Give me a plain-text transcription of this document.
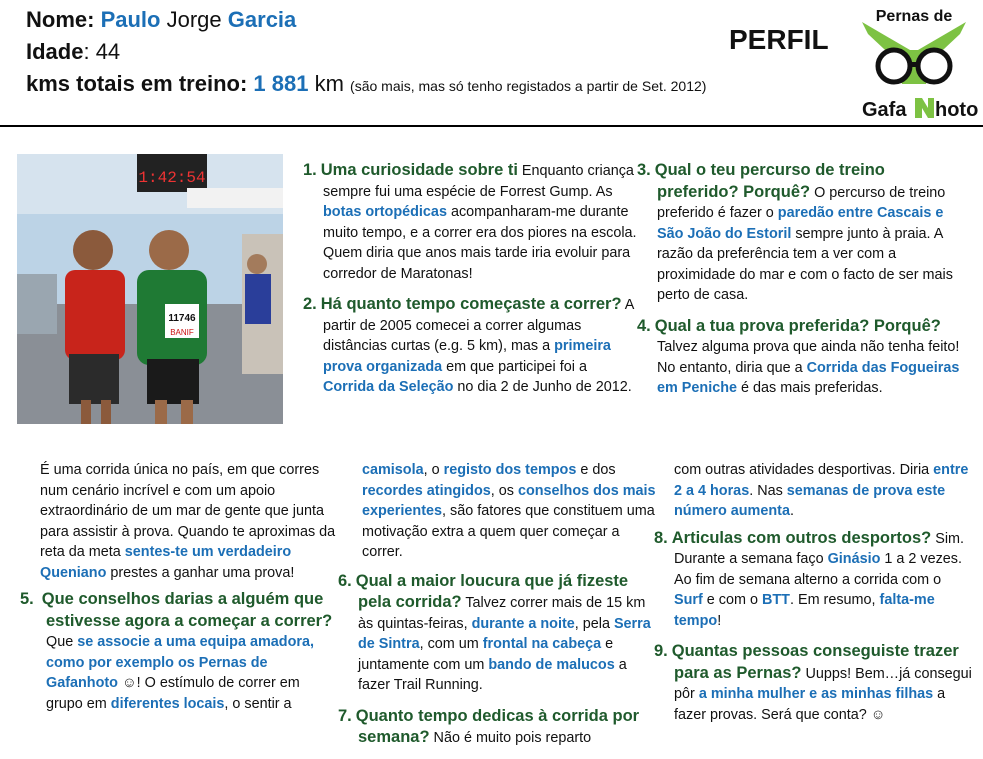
Nome: Paulo Jorge Garcia
Idade: 44
kms totais em treino: 1 881 km (são mais, mas só tenho registados a partir de Set. 2012)
PERFIL
Pernas de
Gafa hoto
1:42:54
11746
BANIF

1. Uma curiosidade sobre ti Enquanto criança sempre fui uma espécie de Forrest Gump. As botas ortopédicas acompanharam-me durante muito tempo, e a correr era dos piores na escola. Quem diria que anos mais tarde iria evoluir para corredor de Maratonas!

2. Há quanto tempo começaste a correr? A partir de 2005 comecei a correr algumas distâncias curtas (e.g. 5 km), mas a primeira prova organizada em que participei foi a Corrida da Seleção no dia 2 de Junho de 2012.

3. Qual o teu percurso de treino preferido? Porquê? O percurso de treino preferido é fazer o paredão entre Cascais e São João do Estoril sempre junto à praia. A razão da preferência tem a ver com a proximidade do mar e com o facto de ser mais perto de casa.

4. Qual a tua prova preferida? Porquê? Talvez alguma prova que ainda não tenha feito! No entanto, diria que a Corrida das Fogueiras em Peniche é das mais preferidas.

É uma corrida única no país, em que corres num cenário incrível e com um apoio extraordinário de um mar de gente que junta para assistir à prova. Quando te aproximas da reta da meta sentes-te um verdadeiro Queniano prestes a ganhar uma prova!

5. Que conselhos darias a alguém que estivesse agora a começar a correr? Que se associe a uma equipa amadora, como por exemplo os Pernas de Gafanhoto ☺! O estímulo de correr em grupo em diferentes locais, o sentir a

camisola, o registo dos tempos e dos recordes atingidos, os conselhos dos mais experientes, são fatores que constituem uma motivação extra a quem quer começar a correr.

6. Qual a maior loucura que já fizeste pela corrida? Talvez correr mais de 15 km às quintas-feiras, durante a noite, pela Serra de Sintra, com um frontal na cabeça e juntamente com um bando de malucos a fazer Trail Running.

7. Quanto tempo dedicas à corrida por semana? Não é muito pois reparto

com outras atividades desportivas. Diria entre 2 a 4 horas. Nas semanas de prova este número aumenta.

8. Articulas com outros desportos? Sim. Durante a semana faço Ginásio 1 a 2 vezes. Ao fim de semana alterno a corrida com o Surf e com o BTT. Em resumo, falta-me tempo!

9. Quantas pessoas conseguiste trazer para as Pernas? Uupps! Bem…já consegui pôr a minha mulher e as minhas filhas a fazer provas. Será que conta? ☺
